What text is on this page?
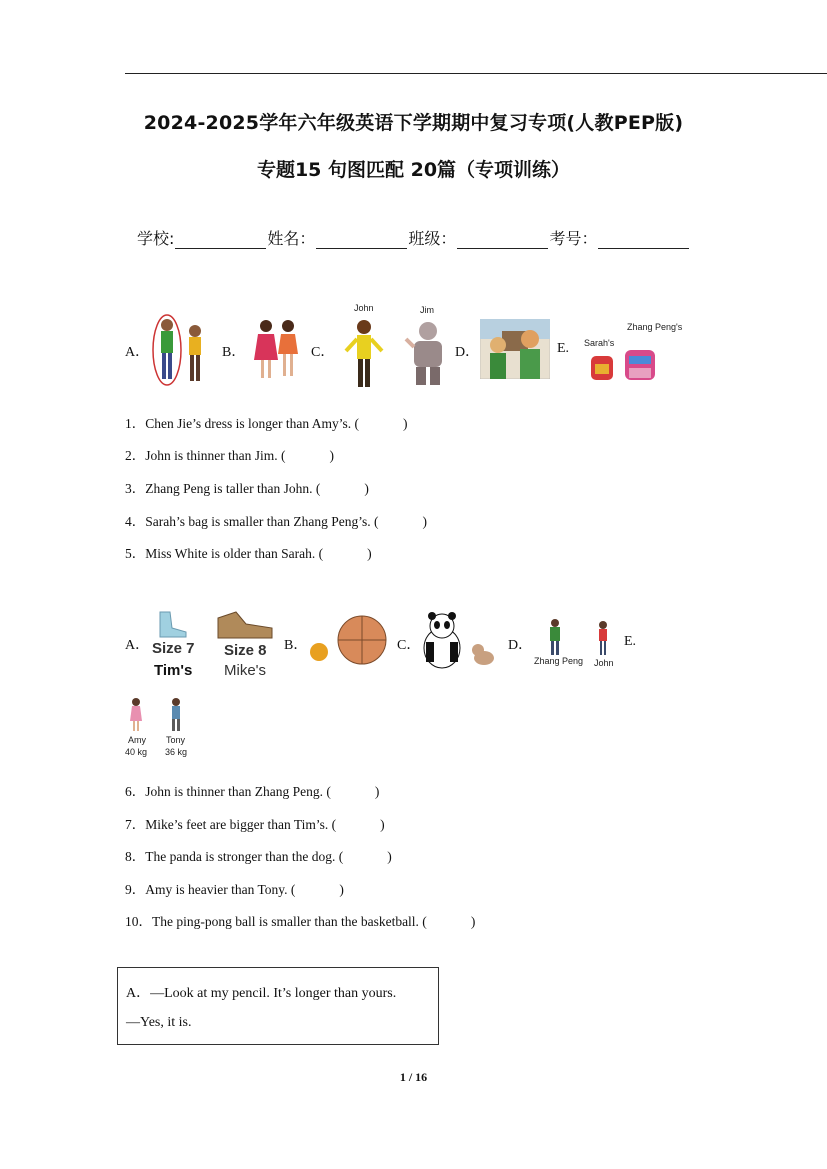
2024-2025学年六年级英语下学期期中复习专项(人教PEP版)
专题15 句图匹配 20篇（专项训练）
学校:	姓名：	班级：	考号：
A．	B．	C．
John	Jim
D．	E. Sarah's
Zhang Peng's
1．Chen Jie’s dress is longer than Amy’s. (	)
2．John is thinner than Jim. (	)
3．Zhang Peng is taller than John. (	)
4．Sarah’s bag is smaller than Zhang Peng’s. (	)
5．Miss White is older than Sarah. (	)
A． Size 7
Tim's
Size 8
Mike's
B．	C．	D．
Zhang Peng John
E.
Amy
40 kg
Tony
36 kg
6．John is thinner than Zhang Peng. (	)
7．Mike’s feet are bigger than Tim’s. (	)
8．The panda is stronger than the dog. (	)
9．Amy is heavier than Tony. (	)
10．The ping-pong ball is smaller than the basketball. (	)
A．—Look at my pencil. It’s longer than yours.
—Yes, it is.
1 / 16
